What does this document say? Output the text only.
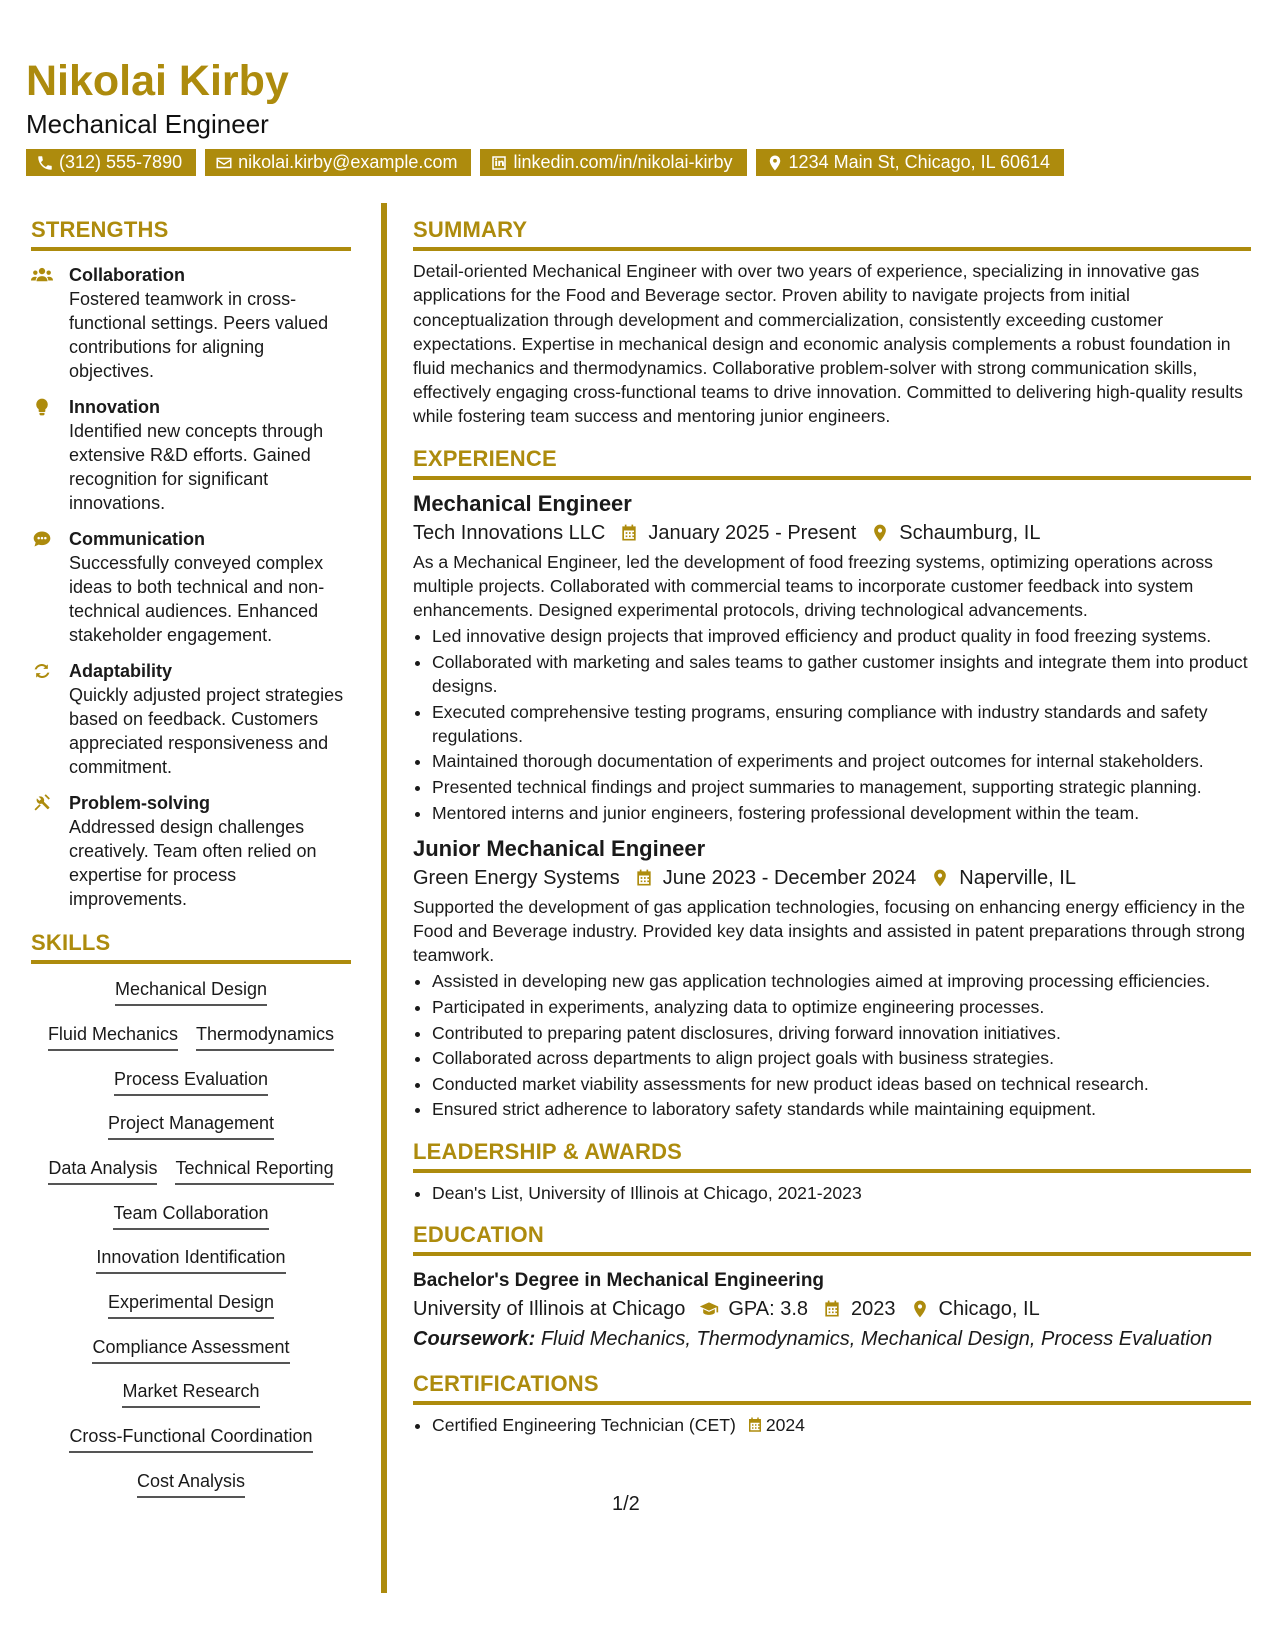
Nikolai Kirby
Mechanical Engineer
(312) 555-7890	nikolai.kirby@example.com	linkedin.com/in/nikolai-kirby	1234 Main St, Chicago, IL 60614
STRENGTHS
Collaboration
Fostered teamwork in cross-functional settings. Peers valued contributions for aligning objectives.
Innovation
Identified new concepts through extensive R&D efforts. Gained recognition for significant innovations.
Communication
Successfully conveyed complex ideas to both technical and non-technical audiences. Enhanced stakeholder engagement.
Adaptability
Quickly adjusted project strategies based on feedback. Customers appreciated responsiveness and commitment.
Problem-solving
Addressed design challenges creatively. Team often relied on expertise for process improvements.
SKILLS
Mechanical Design
Fluid Mechanics Thermodynamics
Process Evaluation
Project Management
Data Analysis Technical Reporting
Team Collaboration
Innovation Identification
Experimental Design
Compliance Assessment
Market Research
Cross-Functional Coordination
Cost Analysis
SUMMARY
Detail-oriented Mechanical Engineer with over two years of experience, specializing in innovative gas applications for the Food and Beverage sector. Proven ability to navigate projects from initial conceptualization through development and commercialization, consistently exceeding customer expectations. Expertise in mechanical design and economic analysis complements a robust foundation in fluid mechanics and thermodynamics. Collaborative problem-solver with strong communication skills, effectively engaging cross-functional teams to drive innovation. Committed to delivering high-quality results while fostering team success and mentoring junior engineers.
EXPERIENCE
Mechanical Engineer
Tech Innovations LLC January 2025 - Present Schaumburg, IL
As a Mechanical Engineer, led the development of food freezing systems, optimizing operations across multiple projects. Collaborated with commercial teams to incorporate customer feedback into system enhancements. Designed experimental protocols, driving technological advancements.
• Led innovative design projects that improved efficiency and product quality in food freezing systems.
• Collaborated with marketing and sales teams to gather customer insights and integrate them into product designs.
• Executed comprehensive testing programs, ensuring compliance with industry standards and safety regulations.
• Maintained thorough documentation of experiments and project outcomes for internal stakeholders.
• Presented technical findings and project summaries to management, supporting strategic planning.
• Mentored interns and junior engineers, fostering professional development within the team.
Junior Mechanical Engineer
Green Energy Systems June 2023 - December 2024 Naperville, IL
Supported the development of gas application technologies, focusing on enhancing energy efficiency in the Food and Beverage industry. Provided key data insights and assisted in patent preparations through strong teamwork.
• Assisted in developing new gas application technologies aimed at improving processing efficiencies.
• Participated in experiments, analyzing data to optimize engineering processes.
• Contributed to preparing patent disclosures, driving forward innovation initiatives.
• Collaborated across departments to align project goals with business strategies.
• Conducted market viability assessments for new product ideas based on technical research.
• Ensured strict adherence to laboratory safety standards while maintaining equipment.
LEADERSHIP & AWARDS
• Dean's List, University of Illinois at Chicago, 2021-2023
EDUCATION
Bachelor's Degree in Mechanical Engineering
University of Illinois at Chicago GPA: 3.8 2023 Chicago, IL
Coursework: Fluid Mechanics, Thermodynamics, Mechanical Design, Process Evaluation
CERTIFICATIONS
• Certified Engineering Technician (CET) 2024
1/2
